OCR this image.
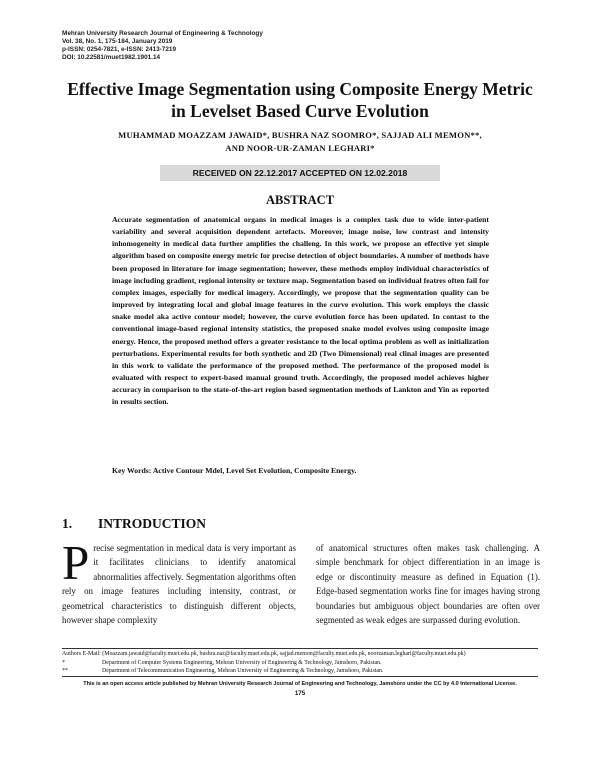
Mehran University Research Journal of Engineering & Technology
Vol. 38, No. 1, 175-184, January 2019
p-ISSN: 0254-7821, e-ISSN: 2413-7219
DOI: 10.22581/muet1982.1901.14
Effective Image Segmentation using Composite Energy Metric
in Levelset Based Curve Evolution
MUHAMMAD MOAZZAM JAWAID*, BUSHRA NAZ SOOMRO*, SAJJAD ALI MEMON**,
AND NOOR-UR-ZAMAN LEGHARI*
RECEIVED ON 22.12.2017 ACCEPTED ON 12.02.2018
ABSTRACT
Accurate segmentation of anatomical organs in medical images is a complex task due to wide inter-patient variability and several acquisition dependent artefacts. Moreover, image noise, low contrast and intensity inhomogeneity in medical data further amplifies the challeng. In this work, we propose an effective yet simple algorithm based on composite energy metric for precise detection of object boundaries. A number of methods have been proposed in literature for image segmentation; however, these methods employ individual characteristics of image including gradient, regional intensity or texture map. Segmentation based on individual featres often fail for complex images, especially for medical imagery. Accordingly, we propose that the segmentation quality can be improved by integrating local and global image features in the curve evolution. This work employs the classic snake model aka active contour model; however, the curve evolution force has been updated. In contast to the conventional image-based regional intensity statistics, the proposed snake model evolves using composite image energy. Hence, the proposed method offers a greater resistance to the local optima problem as well as initialization perturbations. Experimental results for both synthetic and 2D (Two Dimensional) real clinal images are presented in this work to validate the performance of the proposed method. The performance of the proposed model is evaluated with respect to expert-based manual ground truth. Accordingly, the proposed model achieves higher accuracy in comparison to the state-of-the-art region based segmentation methods of Lankton and Yin as reported in results section.
Key Words: Active Contour Mdel, Level Set Evolution, Composite Energy.
1. INTRODUCTION
Precise segmentation in medical data is very important as it facilitates clinicians to identify anatomical abnormalities affectively. Segmentation algorithms often rely on image features including intensity, contrast, or geometrical characteristics to distinguish different objects, however shape complexity
of anatomical structures often makes task challenging. A simple benchmark for object differentiation in an image is edge or discontinuity measure as defined in Equation (1). Edge-based segmentation works fine for images having strong boundaries but ambiguous object boundaries are often over segmented as weak edges are surpassed during evolution.
Authors E-Mail: (Moazzam.jawaid@faculty.muet.edu.pk, bushra.naz@faculty.muet.edu.pk, sajjad.memon@faculty.muet.edu.pk, noorzaman.leghari@faculty.muet.edu.pk)
*	Department of Computer Systems Engineering, Mehran University of Engineering & Technology, Jamshoro, Pakistan.
**	Department of Telecommunication Engineering, Mehran University of Engineering & Technology, Jamshoro, Pakistan.
This is an open access article published by Mehran University Research Journal of Engineering and Technology, Jamshoro under the CC by 4.0 International License.
175
